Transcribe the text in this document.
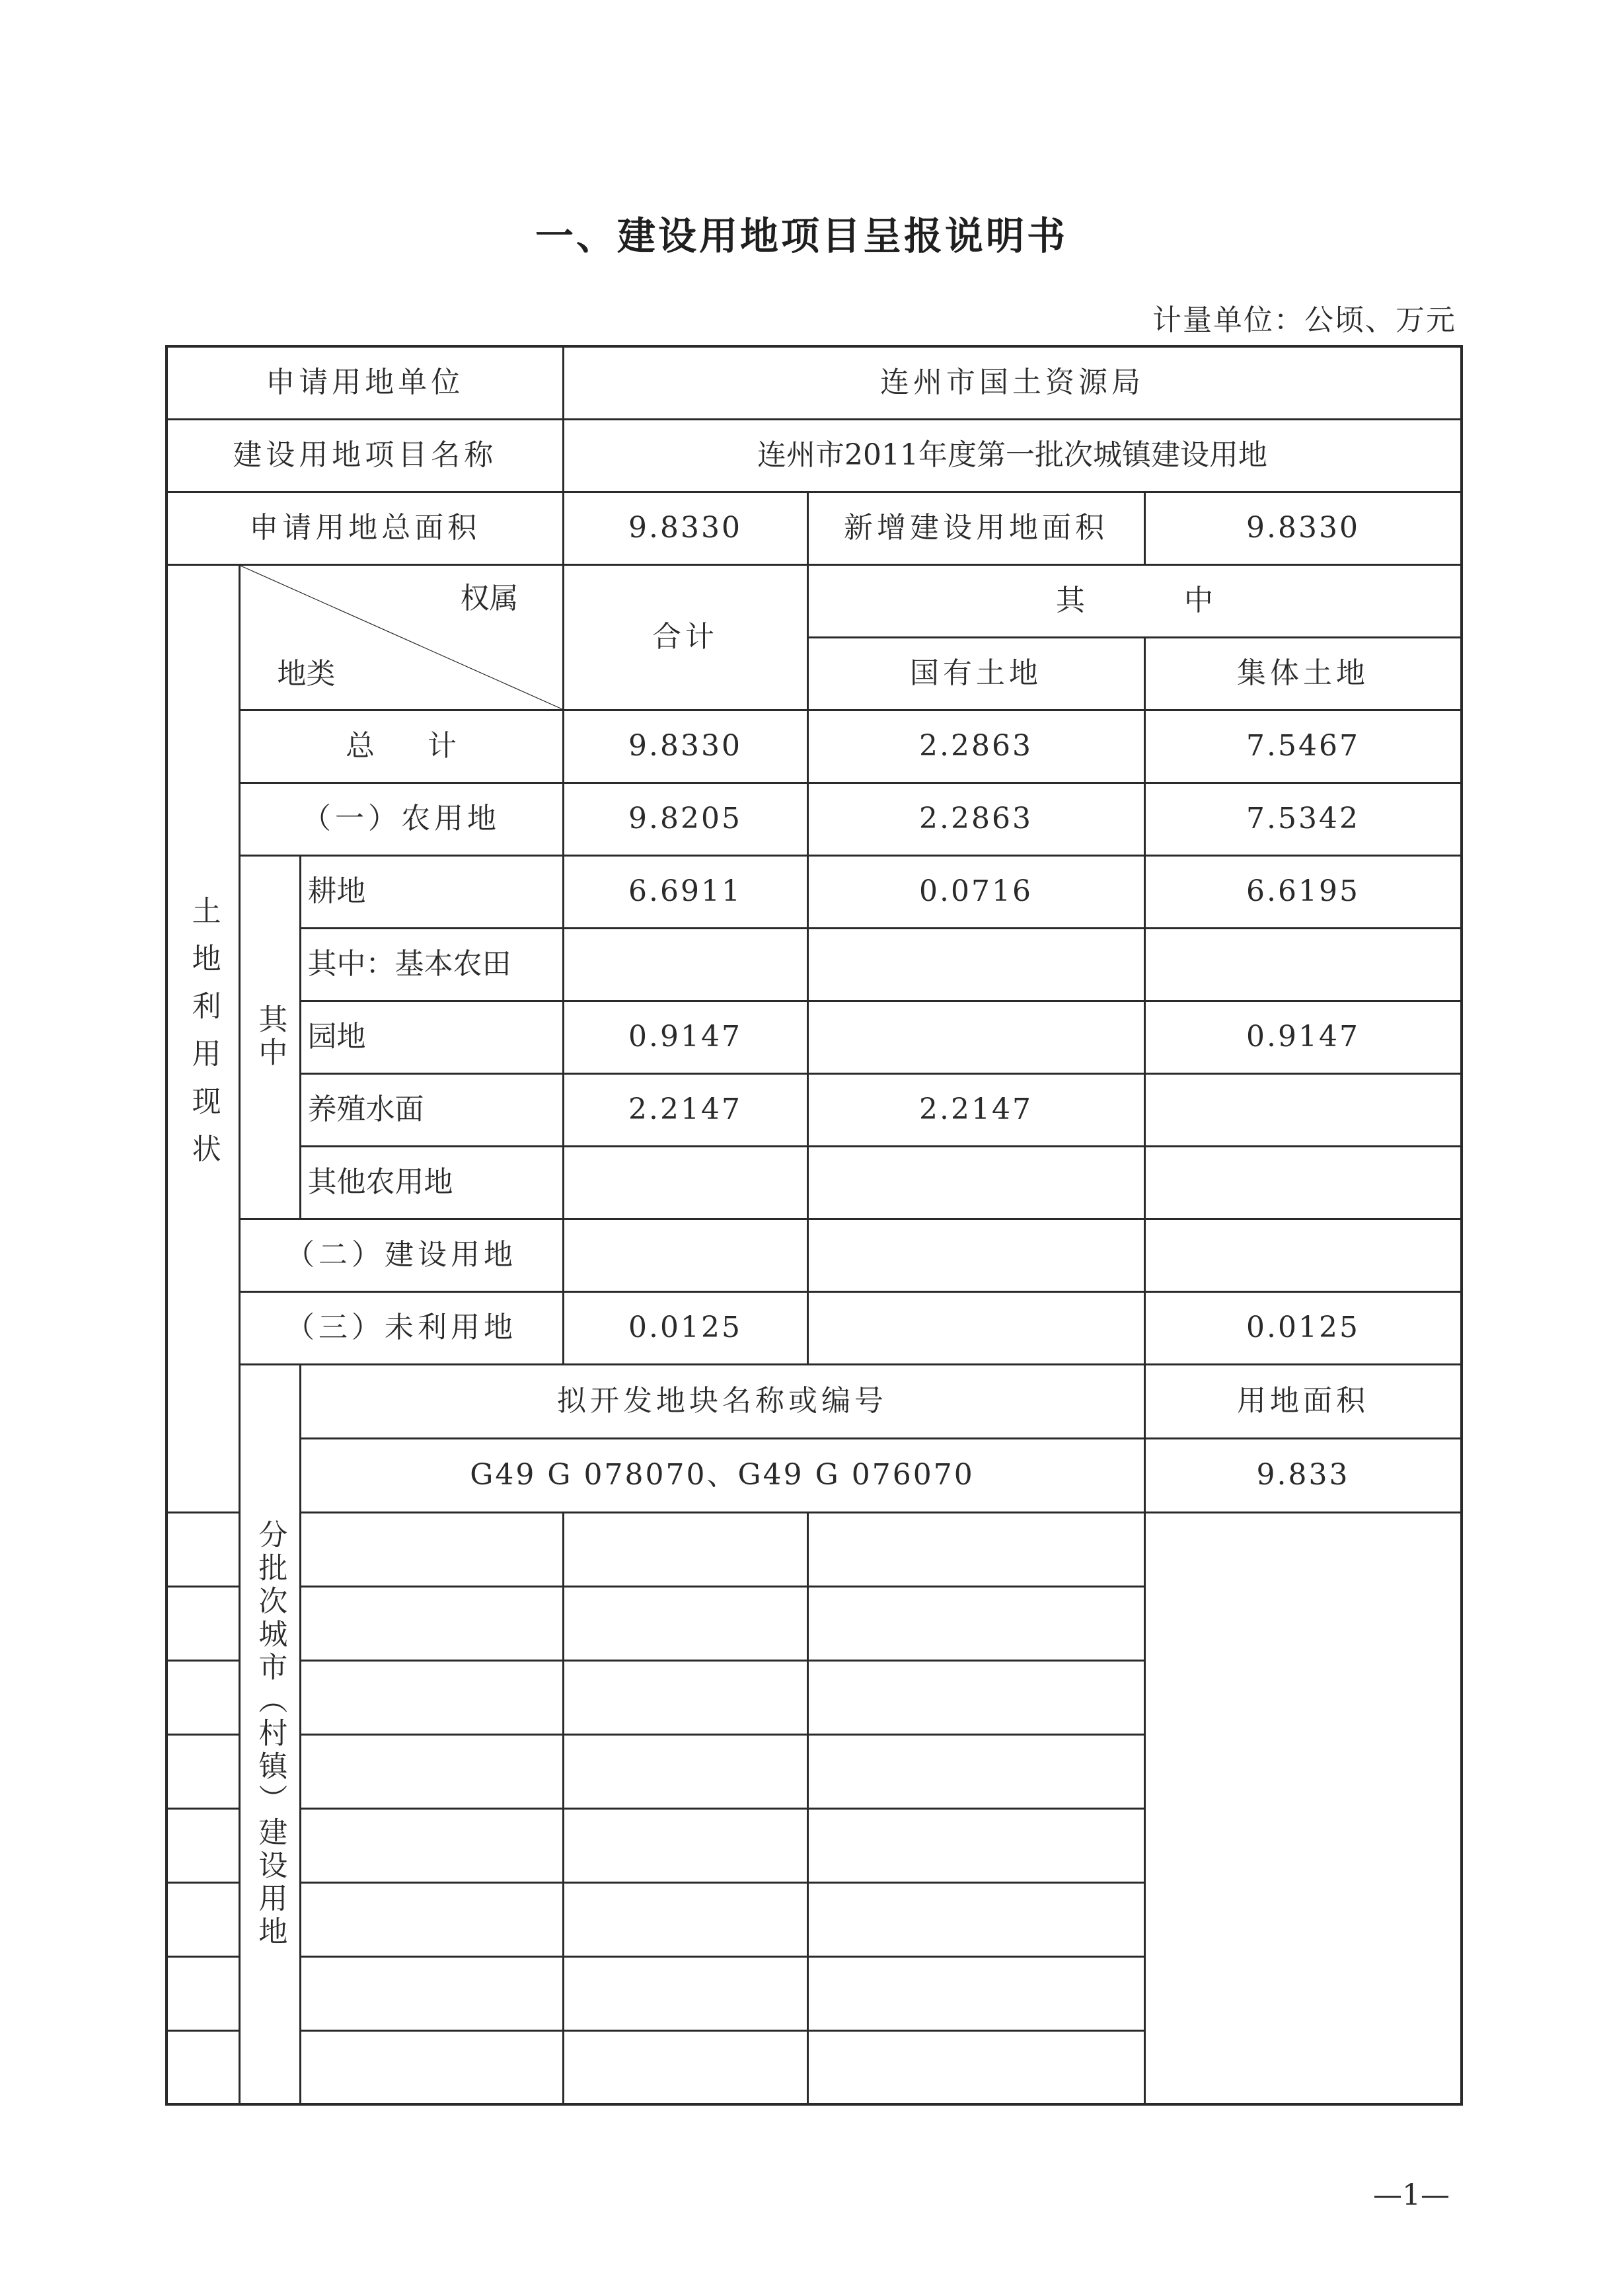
一、建设用地项目呈报说明书
计量单位：公顷、万元
申请用地单位			连州市国土资源局			
建设用地项目名称			连州市2011年度第一批次城镇建设用地			
申请用地总面积			9.8330	新增建设用地面积	9.8330	
土地利用现状	权属
地类		合计	其 中		
				国有土地	集体土地	
	总 计		9.8330	2.2863	7.5467	
	（一）农用地		9.8205	2.2863	7.5342	
	其中	耕地	6.6911	0.0716	6.6195	
		其中：基本农田				
		园地	0.9147		0.9147	
		养殖水面	2.2147	2.2147		
		其他农用地				
	（二）建设用地					
	（三）未利用地		0.0125		0.0125	
	分批次城市（村镇）建设用地	拟开发地块名称或编号			用地面积	
		G49 G 078070、G49 G 076070			9.833	

—1—
